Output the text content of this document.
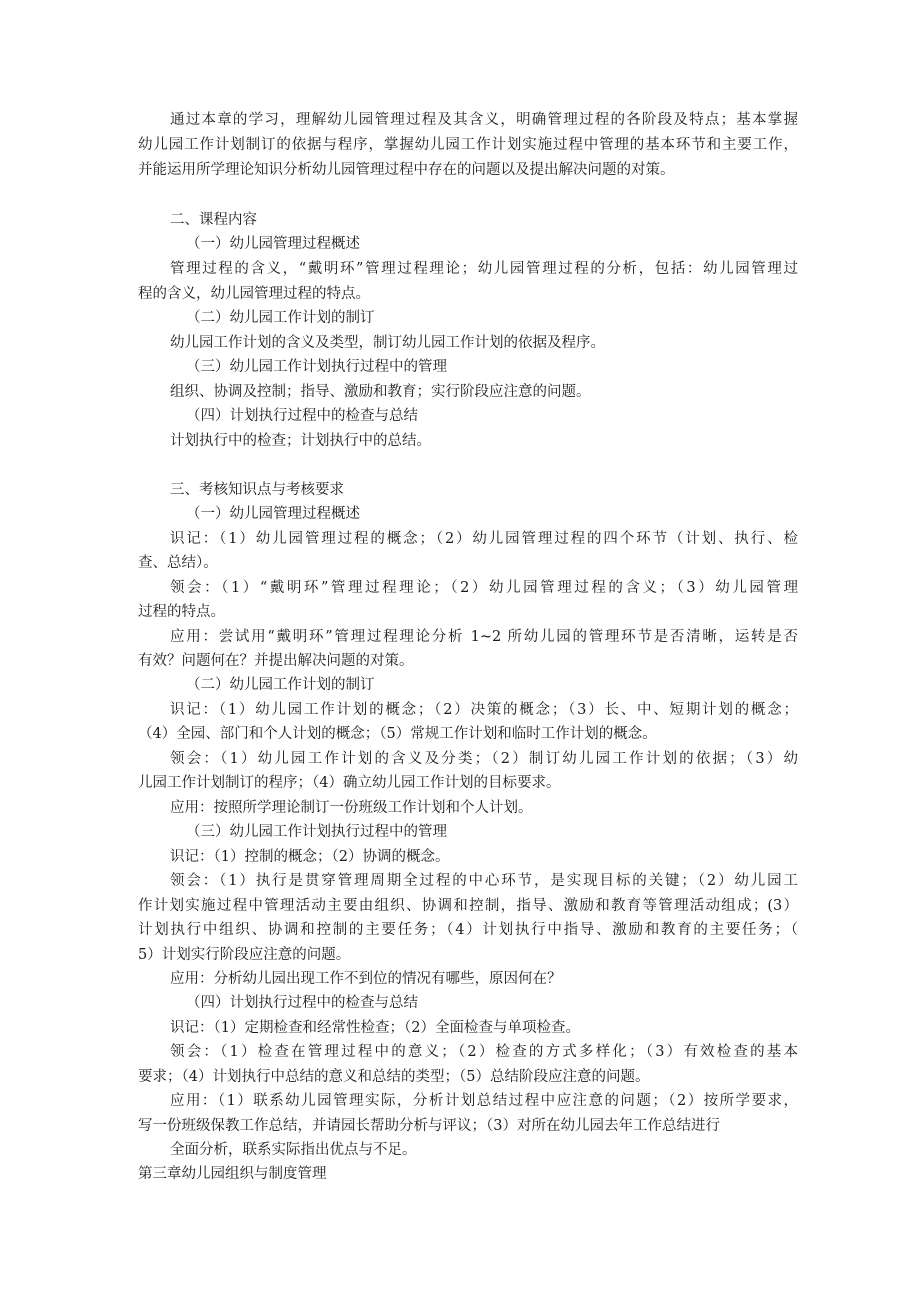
通过本章的学习，理解幼儿园管理过程及其含义，明确管理过程的各阶段及特点；基本掌握
幼儿园工作计划制订的依据与程序，掌握幼儿园工作计划实施过程中管理的基本环节和主要工作，
并能运用所学理论知识分析幼儿园管理过程中存在的问题以及提出解决问题的对策。
二、课程内容
（一）幼儿园管理过程概述
管理过程的含义，“戴明环”管理过程理论；幼儿园管理过程的分析，包括：幼儿园管理过
程的含义，幼儿园管理过程的特点。
（二）幼儿园工作计划的制订
幼儿园工作计划的含义及类型，制订幼儿园工作计划的依据及程序。
（三）幼儿园工作计划执行过程中的管理
组织、协调及控制；指导、激励和教育；实行阶段应注意的问题。
（四）计划执行过程中的检查与总结
计划执行中的检查；计划执行中的总结。
三、考核知识点与考核要求
（一）幼儿园管理过程概述
识记：（1）幼儿园管理过程的概念；（2）幼儿园管理过程的四个环节（计划、执行、检
查、总结）。
领会：（1）“戴明环”管理过程理论；（2）幼儿园管理过程的含义；（3）幼儿园管理
过程的特点。
应用：尝试用“戴明环”管理过程理论分析 1~2 所幼儿园的管理环节是否清晰，运转是否
有效？问题何在？并提出解决问题的对策。
（二）幼儿园工作计划的制订
识记：（1）幼儿园工作计划的概念；（2）决策的概念；（3）长、中、短期计划的概念；
（4）全园、部门和个人计划的概念；（5）常规工作计划和临时工作计划的概念。
领会：（1）幼儿园工作计划的含义及分类；（2）制订幼儿园工作计划的依据；（3）幼
儿园工作计划制订的程序；（4）确立幼儿园工作计划的目标要求。
应用：按照所学理论制订一份班级工作计划和个人计划。
（三）幼儿园工作计划执行过程中的管理
识记：（1）控制的概念；（2）协调的概念。
领会：（1）执行是贯穿管理周期全过程的中心环节，是实现目标的关键；（2）幼儿园工
作计划实施过程中管理活动主要由组织、协调和控制，指导、激励和教育等管理活动组成；(3）
计划执行中组织、协调和控制的主要任务；（4）计划执行中指导、激励和教育的主要任务；（
5）计划实行阶段应注意的问题。
应用：分析幼儿园出现工作不到位的情况有哪些，原因何在？
（四）计划执行过程中的检查与总结
识记：（1）定期检查和经常性检查；（2）全面检查与单项检查。
领会：（1）检查在管理过程中的意义；（2）检查的方式多样化；（3）有效检查的基本
要求；（4）计划执行中总结的意义和总结的类型；（5）总结阶段应注意的问题。
应用：（1）联系幼儿园管理实际，分析计划总结过程中应注意的问题；（2）按所学要求，
写一份班级保教工作总结，并请园长帮助分析与评议；（3）对所在幼儿园去年工作总结进行
全面分析，联系实际指出优点与不足。
第三章幼儿园组织与制度管理
